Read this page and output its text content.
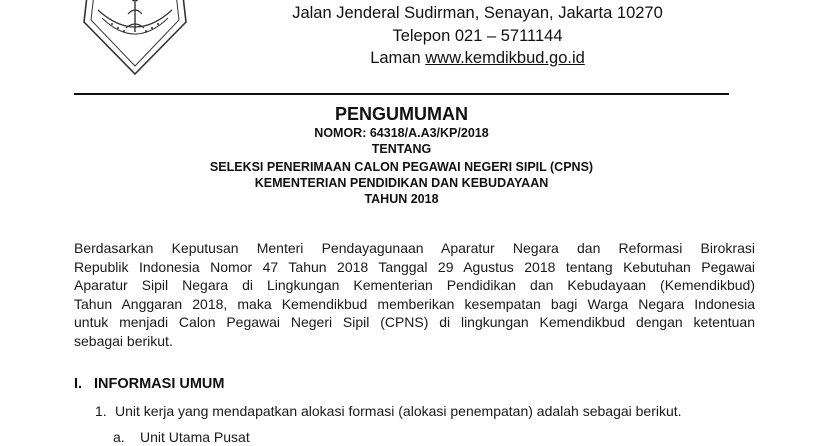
Jalan Jenderal Sudirman, Senayan, Jakarta 10270
Telepon 021 – 5711144
Laman www.kemdikbud.go.id
PENGUMUMAN
NOMOR: 64318/A.A3/KP/2018
TENTANG
SELEKSI PENERIMAAN CALON PEGAWAI NEGERI SIPIL (CPNS)
KEMENTERIAN PENDIDIKAN DAN KEBUDAYAAN
TAHUN 2018
Berdasarkan Keputusan Menteri Pendayagunaan Aparatur Negara dan Reformasi Birokrasi
Republik Indonesia Nomor 47 Tahun 2018 Tanggal 29 Agustus 2018 tentang Kebutuhan Pegawai
Aparatur Sipil Negara di Lingkungan Kementerian Pendidikan dan Kebudayaan (Kemendikbud)
Tahun Anggaran 2018, maka Kemendikbud memberikan kesempatan bagi Warga Negara Indonesia
untuk menjadi Calon Pegawai Negeri Sipil (CPNS) di lingkungan Kemendikbud dengan ketentuan
sebagai berikut.
I. INFORMASI UMUM
1. Unit kerja yang mendapatkan alokasi formasi (alokasi penempatan) adalah sebagai berikut.
a. Unit Utama Pusat
